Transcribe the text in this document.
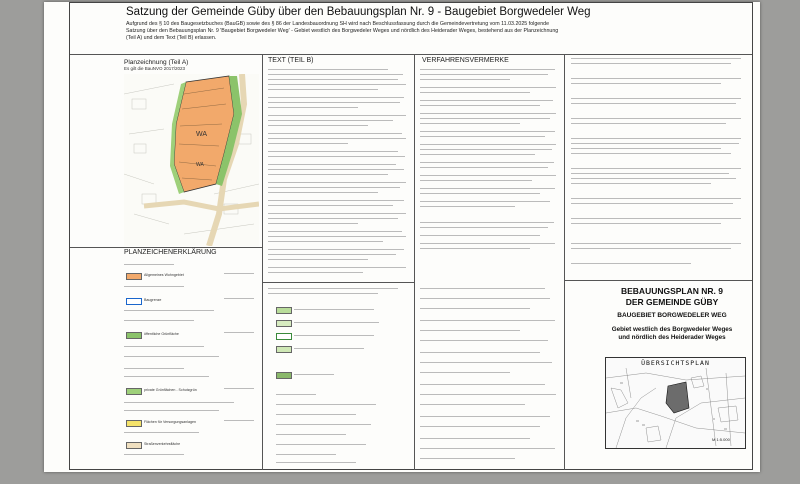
Satzung der Gemeinde Güby über den Bebauungsplan Nr. 9 - Baugebiet Borgwedeler Weg
Aufgrund des § 10 des Baugesetzbuches (BauGB) sowie des § 86 der Landesbauordnung SH wird nach Beschlussfassung durch die Gemeindevertretung vom 11.03.2025 folgende
Satzung über den Bebauungsplan Nr. 9 'Baugebiet Borgwedeler Weg' - Gebiet westlich des Borgwedeler Weges und nördlich des Heiderader Weges, bestehend aus der Planzeichnung
(Teil A) und dem Text (Teil B) erlassen.
Planzeichnung (Teil A)
Es gilt die BauNVO 2017/2023
WA
WA
PLANZEICHENERKLÄRUNG
Allgemeines Wohngebiet
Baugrenze
öffentliche Grünfläche
private Grünflächen - Schutzgrün
Flächen für Versorgungsanlagen
Straßenverkehrsfläche
TEXT (TEIL B)	VERFAHRENSVERMERKE
BEBAUUNGSPLAN NR. 9
DER GEMEINDE GÜBY
BAUGEBIET BORGWEDELER WEG
Gebiet westlich des Borgwedeler Weges
und nördlich des Heiderader Weges
ÜBERSICHTSPLAN
M 1:5.000
